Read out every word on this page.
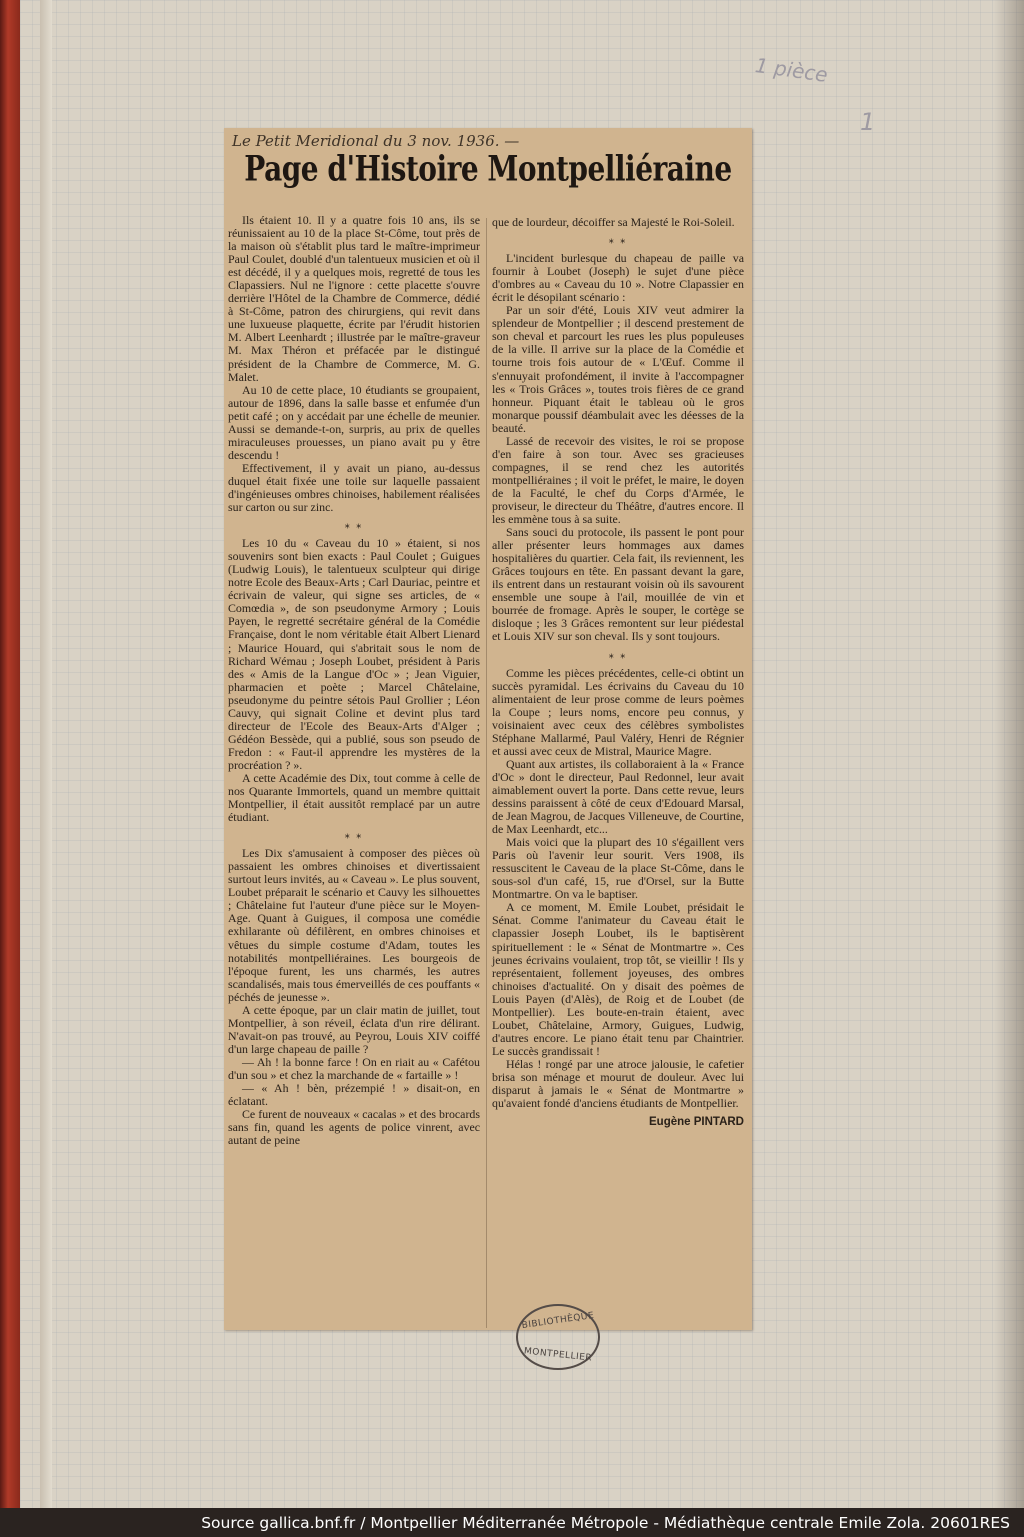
1 pièce
1
Le Petit Meridional du 3 nov. 1936. —
Page d'Histoire Montpelliéraine

Ils étaient 10. Il y a quatre fois 10 ans, ils se réunissaient au 10 de la place St-Côme, tout près de la maison où s'établit plus tard le maître-imprimeur Paul Coulet, doublé d'un talentueux musicien et où il est décédé, il y a quelques mois, regretté de tous les Clapassiers. Nul ne l'ignore : cette placette s'ouvre derrière l'Hôtel de la Chambre de Commerce, dédié à St-Côme, patron des chirurgiens, qui revit dans une luxueuse plaquette, écrite par l'érudit historien M. Albert Leenhardt ; illustrée par le maître-graveur M. Max Théron et préfacée par le distingué président de la Chambre de Commerce, M. G. Malet.

Au 10 de cette place, 10 étudiants se groupaient, autour de 1896, dans la salle basse et enfumée d'un petit café ; on y accédait par une échelle de meunier. Aussi se demande-t-on, surpris, au prix de quelles miraculeuses prouesses, un piano avait pu y être descendu !

Effectivement, il y avait un piano, au-dessus duquel était fixée une toile sur laquelle passaient d'ingénieuses ombres chinoises, habilement réalisées sur carton ou sur zinc.

⁎ ⁎

Les 10 du « Caveau du 10 » étaient, si nos souvenirs sont bien exacts : Paul Coulet ; Guigues (Ludwig Louis), le talentueux sculpteur qui dirige notre Ecole des Beaux-Arts ; Carl Dauriac, peintre et écrivain de valeur, qui signe ses articles, de « Comœdia », de son pseudonyme Armory ; Louis Payen, le regretté secrétaire général de la Comédie Française, dont le nom véritable était Albert Lienard ; Maurice Houard, qui s'abritait sous le nom de Richard Wémau ; Joseph Loubet, président à Paris des « Amis de la Langue d'Oc » ; Jean Viguier, pharmacien et poète ; Marcel Châtelaine, pseudonyme du peintre sétois Paul Grollier ; Léon Cauvy, qui signait Coline et devint plus tard directeur de l'Ecole des Beaux-Arts d'Alger ; Gédéon Bessède, qui a publié, sous son pseudo de Fredon : « Faut-il apprendre les mystères de la procréation ? ».

A cette Académie des Dix, tout comme à celle de nos Quarante Immortels, quand un membre quittait Montpellier, il était aussitôt remplacé par un autre étudiant.

⁎ ⁎

Les Dix s'amusaient à composer des pièces où passaient les ombres chinoises et divertissaient surtout leurs invités, au « Caveau ». Le plus souvent, Loubet préparait le scénario et Cauvy les silhouettes ; Châtelaine fut l'auteur d'une pièce sur le Moyen-Age. Quant à Guigues, il composa une comédie exhilarante où défilèrent, en ombres chinoises et vêtues du simple costume d'Adam, toutes les notabilités montpelliéraines. Les bourgeois de l'époque furent, les uns charmés, les autres scandalisés, mais tous émerveillés de ces pouffants « péchés de jeunesse ».

A cette époque, par un clair matin de juillet, tout Montpellier, à son réveil, éclata d'un rire délirant. N'avait-on pas trouvé, au Peyrou, Louis XIV coiffé d'un large chapeau de paille ?

— Ah ! la bonne farce ! On en riait au « Cafétou d'un sou » et chez la marchande de « fartaille » !

— « Ah ! bèn, prézempié ! » disait-on, en éclatant.

Ce furent de nouveaux « cacalas » et des brocards sans fin, quand les agents de police vinrent, avec autant de peine

que de lourdeur, décoiffer sa Majesté le Roi-Soleil.

⁎ ⁎

L'incident burlesque du chapeau de paille va fournir à Loubet (Joseph) le sujet d'une pièce d'ombres au « Caveau du 10 ». Notre Clapassier en écrit le désopilant scénario :

Par un soir d'été, Louis XIV veut admirer la splendeur de Montpellier ; il descend prestement de son cheval et parcourt les rues les plus populeuses de la ville. Il arrive sur la place de la Comédie et tourne trois fois autour de « L'Œuf. Comme il s'ennuyait profondément, il invite à l'accompagner les « Trois Grâces », toutes trois fières de ce grand honneur. Piquant était le tableau où le gros monarque poussif déambulait avec les déesses de la beauté.

Lassé de recevoir des visites, le roi se propose d'en faire à son tour. Avec ses gracieuses compagnes, il se rend chez les autorités montpelliéraines ; il voit le préfet, le maire, le doyen de la Faculté, le chef du Corps d'Armée, le proviseur, le directeur du Théâtre, d'autres encore. Il les emmène tous à sa suite.

Sans souci du protocole, ils passent le pont pour aller présenter leurs hommages aux dames hospitalières du quartier. Cela fait, ils reviennent, les Grâces toujours en tête. En passant devant la gare, ils entrent dans un restaurant voisin où ils savourent ensemble une soupe à l'ail, mouillée de vin et bourrée de fromage. Après le souper, le cortège se disloque ; les 3 Grâces remontent sur leur piédestal et Louis XIV sur son cheval. Ils y sont toujours.

⁎ ⁎

Comme les pièces précédentes, celle-ci obtint un succès pyramidal. Les écrivains du Caveau du 10 alimentaient de leur prose comme de leurs poèmes la Coupe ; leurs noms, encore peu connus, y voisinaient avec ceux des célèbres symbolistes Stéphane Mallarmé, Paul Valéry, Henri de Régnier et aussi avec ceux de Mistral, Maurice Magre.

Quant aux artistes, ils collaboraient à la « France d'Oc » dont le directeur, Paul Redonnel, leur avait aimablement ouvert la porte. Dans cette revue, leurs dessins paraissent à côté de ceux d'Edouard Marsal, de Jean Magrou, de Jacques Villeneuve, de Courtine, de Max Leenhardt, etc...

Mais voici que la plupart des 10 s'égaillent vers Paris où l'avenir leur sourit. Vers 1908, ils ressuscitent le Caveau de la place St-Côme, dans le sous-sol d'un café, 15, rue d'Orsel, sur la Butte Montmartre. On va le baptiser.

A ce moment, M. Emile Loubet, présidait le Sénat. Comme l'animateur du Caveau était le clapassier Joseph Loubet, ils le baptisèrent spirituellement : le « Sénat de Montmartre ». Ces jeunes écrivains voulaient, trop tôt, se vieillir ! Ils y représentaient, follement joyeuses, des ombres chinoises d'actualité. On y disait des poèmes de Louis Payen (d'Alès), de Roig et de Loubet (de Montpellier). Les boute-en-train étaient, avec Loubet, Châtelaine, Armory, Guigues, Ludwig, d'autres encore. Le piano était tenu par Chaintrier. Le succès grandissait !

Hélas ! rongé par une atroce jalousie, le cafetier brisa son ménage et mourut de douleur. Avec lui disparut à jamais le « Sénat de Montmartre » qu'avaient fondé d'anciens étudiants de Montpellier.

Eugène PINTARD

BIBLIOTHÈQUE
MONTPELLIER
Source gallica.bnf.fr / Montpellier Méditerranée Métropole - Médiathèque centrale Emile Zola. 20601RES
